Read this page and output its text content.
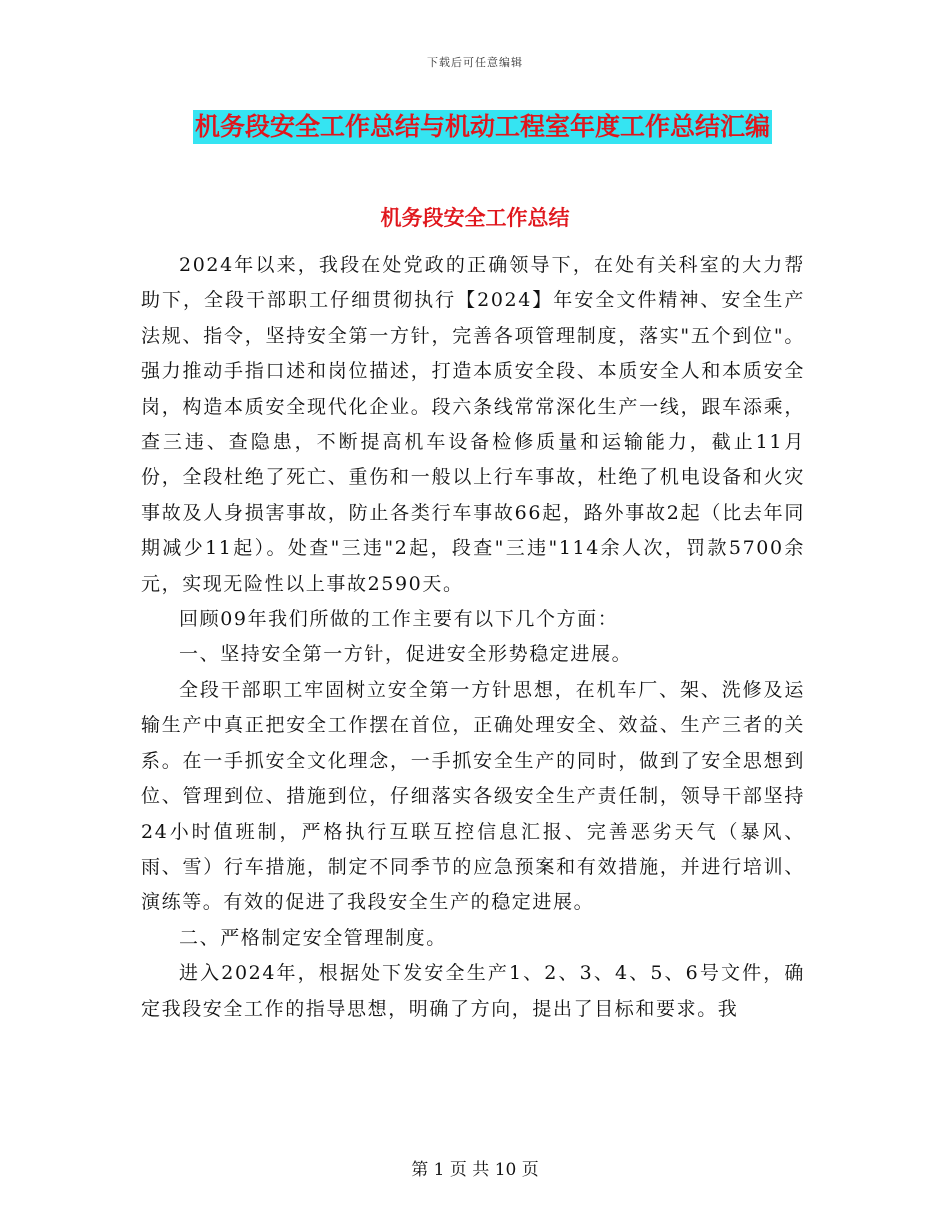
下载后可任意编辑
机务段安全工作总结与机动工程室年度工作总结汇编
机务段安全工作总结

2024年以来，我段在处党政的正确领导下，在处有关科室的大力帮助下，全段干部职工仔细贯彻执行【2024】年安全文件精神、安全生产法规、指令，坚持安全第一方针，完善各项管理制度，落实"五个到位"。强力推动手指口述和岗位描述，打造本质安全段、本质安全人和本质安全岗，构造本质安全现代化企业。段六条线常常深化生产一线，跟车添乘，查三违、查隐患，不断提高机车设备检修质量和运输能力，截止11月份，全段杜绝了死亡、重伤和一般以上行车事故，杜绝了机电设备和火灾事故及人身损害事故，防止各类行车事故66起，路外事故2起（比去年同期减少11起）。处查"三违"2起，段查"三违"114余人次，罚款5700余元，实现无险性以上事故2590天。

回顾09年我们所做的工作主要有以下几个方面：

一、坚持安全第一方针，促进安全形势稳定进展。

全段干部职工牢固树立安全第一方针思想，在机车厂、架、洗修及运输生产中真正把安全工作摆在首位，正确处理安全、效益、生产三者的关系。在一手抓安全文化理念，一手抓安全生产的同时，做到了安全思想到位、管理到位、措施到位，仔细落实各级安全生产责任制，领导干部坚持24小时值班制，严格执行互联互控信息汇报、完善恶劣天气（暴风、雨、雪）行车措施，制定不同季节的应急预案和有效措施，并进行培训、演练等。有效的促进了我段安全生产的稳定进展。

二、严格制定安全管理制度。

进入2024年，根据处下发安全生产1、2、3、4、5、6号文件，确定我段安全工作的指导思想，明确了方向，提出了目标和要求。我

第 1 页 共 10 页
